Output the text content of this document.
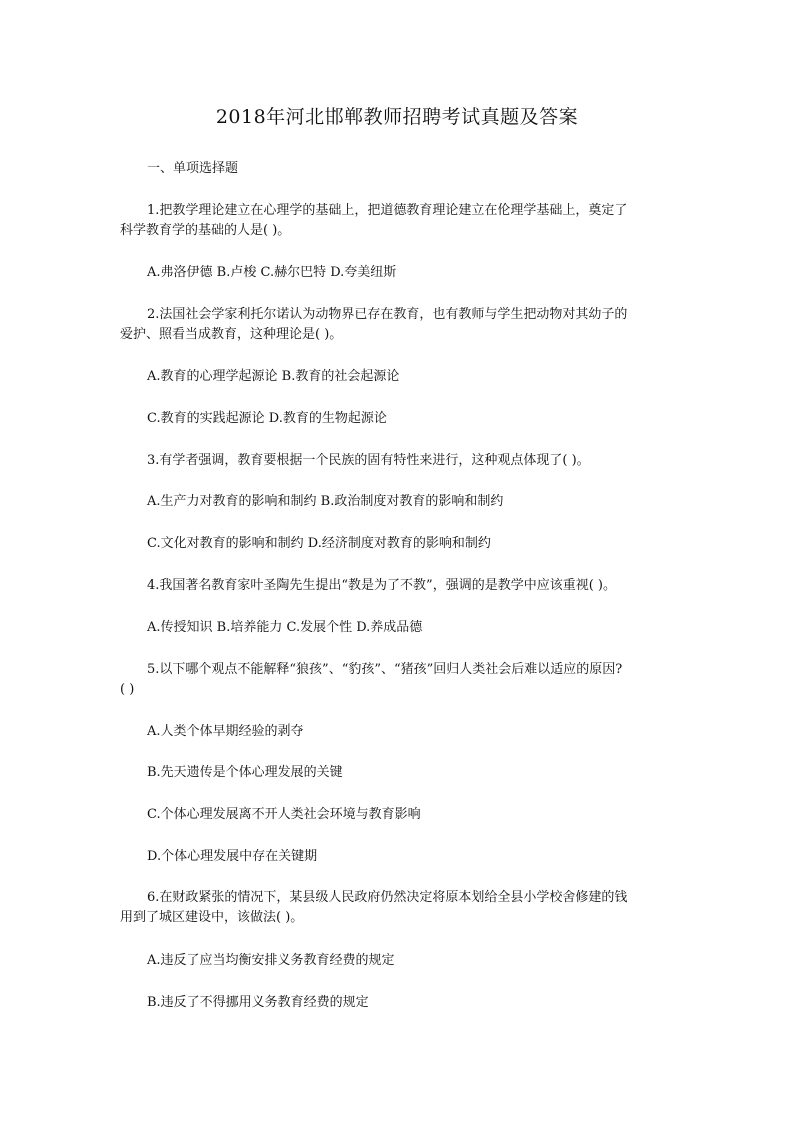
2018年河北邯郸教师招聘考试真题及答案
一、单项选择题
1.把教学理论建立在心理学的基础上，把道德教育理论建立在伦理学基础上，奠定了
科学教育学的基础的人是( )。
A.弗洛伊德 B.卢梭 C.赫尔巴特 D.夸美纽斯
2.法国社会学家利托尔诺认为动物界已存在教育，也有教师与学生把动物对其幼子的
爱护、照看当成教育，这种理论是( )。
A.教育的心理学起源论 B.教育的社会起源论
C.教育的实践起源论 D.教育的生物起源论
3.有学者强调，教育要根据一个民族的固有特性来进行，这种观点体现了( )。
A.生产力对教育的影响和制约 B.政治制度对教育的影响和制约
C.文化对教育的影响和制约 D.经济制度对教育的影响和制约
4.我国著名教育家叶圣陶先生提出“教是为了不教”，强调的是教学中应该重视( )。
A.传授知识 B.培养能力 C.发展个性 D.养成品德
5.以下哪个观点不能解释“狼孩”、“豹孩”、“猪孩”回归人类社会后难以适应的原因?
( )
A.人类个体早期经验的剥夺
B.先天遗传是个体心理发展的关键
C.个体心理发展离不开人类社会环境与教育影响
D.个体心理发展中存在关键期
6.在财政紧张的情况下，某县级人民政府仍然决定将原本划给全县小学校舍修建的钱
用到了城区建设中，该做法( )。
A.违反了应当均衡安排义务教育经费的规定
B.违反了不得挪用义务教育经费的规定
